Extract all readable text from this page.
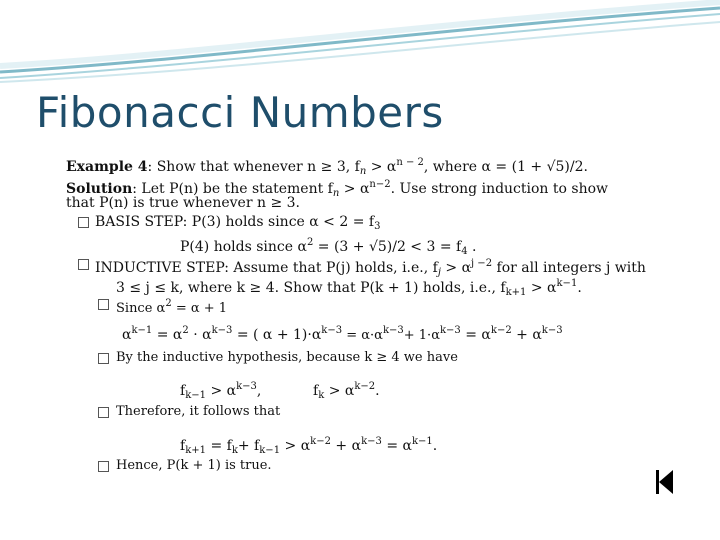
Fibonacci Numbers
Example 4: Show that whenever n ≥ 3, $f_n > \alpha^{n - 2}$, where α = (1 + √5)/2.
Solution: Let P(n) be the statement $f_n > \alpha^{n-2}$. Use strong induction to show
that P(n) is true whenever n ≥ 3.
BASIS STEP: P(3) holds since $\alpha < 2 = f_3$
P(4) holds since $\alpha^2 = (3 + √5)/2 < 3 = f_4$ .
INDUCTIVE STEP: Assume that P(j) holds, i.e., $f_j > \alpha^{j -2}$ for all integers j with
3 ≤ j ≤ k, where k ≥ 4. Show that P(k + 1) holds, i.e., $f_{k+1} > \alpha^{k-1}$.
Since $\alpha^2 = \alpha + 1$
$\alpha^{k-1} = \alpha^2 \cdot \alpha^{k-3}$ = ( $\alpha + 1)\cdot\alpha^{k-3} = \alpha\cdot\alpha^{k-3}+ 1\cdot\alpha^{k-3} = \alpha^{k-2} + \alpha^{k-3}$
By the inductive hypothesis, because k ≥ 4 we have
$f_{k-1} > \alpha^{k-3}$,	$f_k > \alpha^{k-2}$.
Therefore, it follows that
$f_{k+1} = f_k+ f_{k-1} > \alpha^{k-2} + \alpha^{k-3} = \alpha^{k-1}$.
Hence, P(k + 1) is true.
